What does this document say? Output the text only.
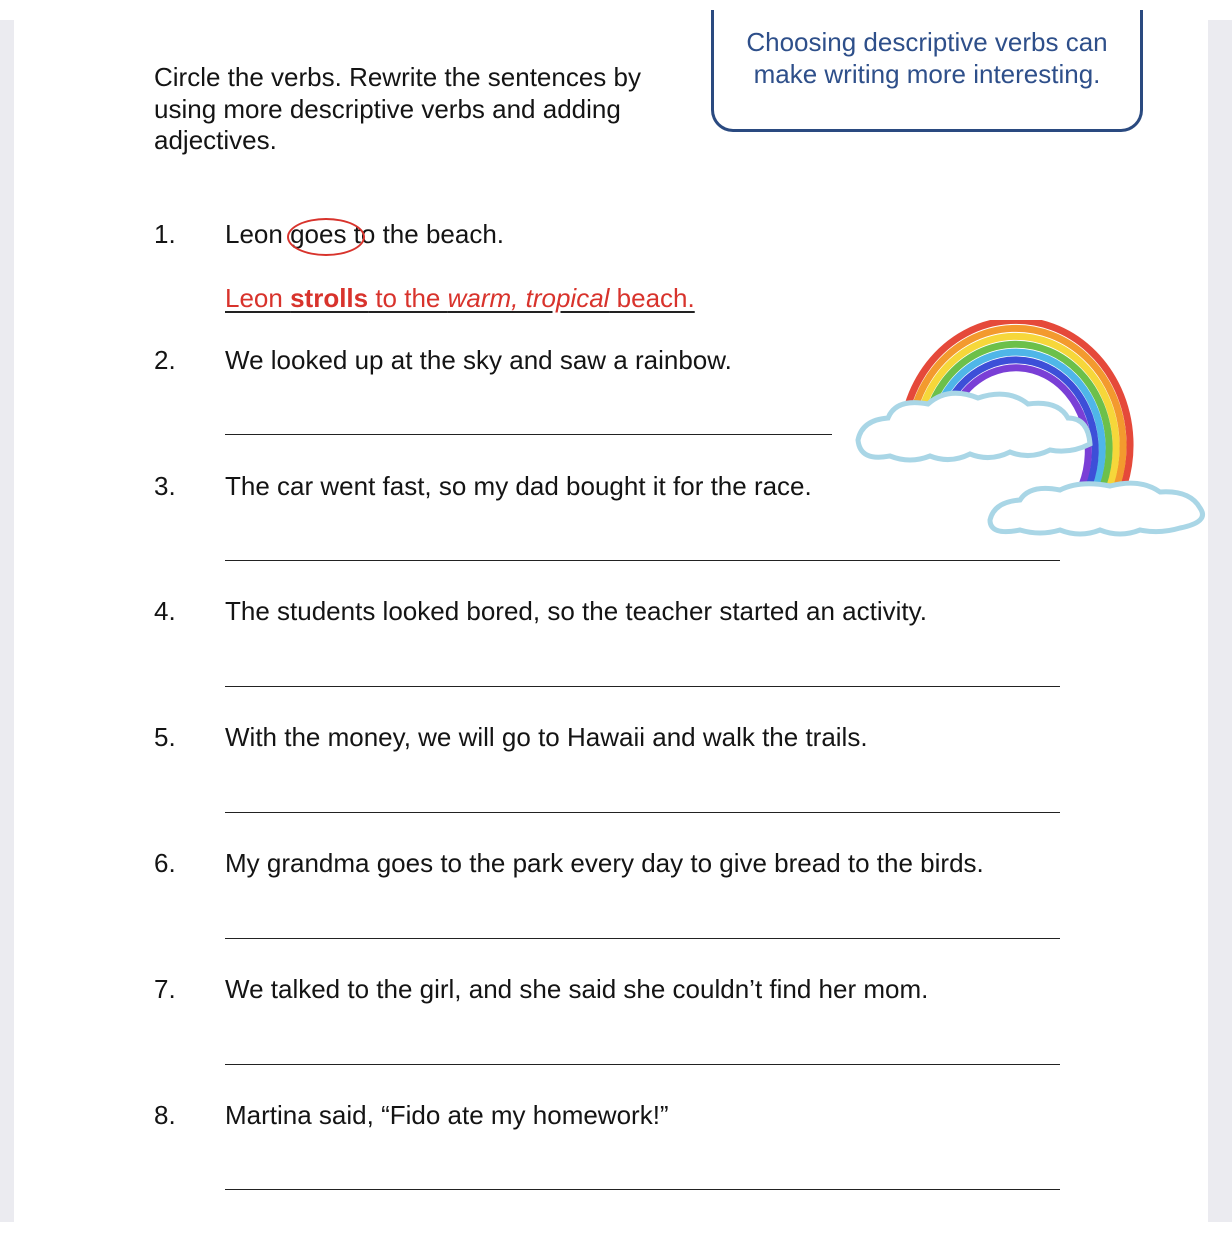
Circle the verbs. Rewrite the sentences by using more descriptive verbs and adding adjectives.
Choosing descriptive verbs can make writing more interesting.
1. Leon goes to the beach.
Leon strolls to the warm, tropical beach.
2. We looked up at the sky and saw a rainbow.
3. The car went fast, so my dad bought it for the race.
4. The students looked bored, so the teacher started an activity.
5. With the money, we will go to Hawaii and walk the trails.
6. My grandma goes to the park every day to give bread to the birds.
7. We talked to the girl, and she said she couldn’t find her mom.
8. Martina said, “Fido ate my homework!”
